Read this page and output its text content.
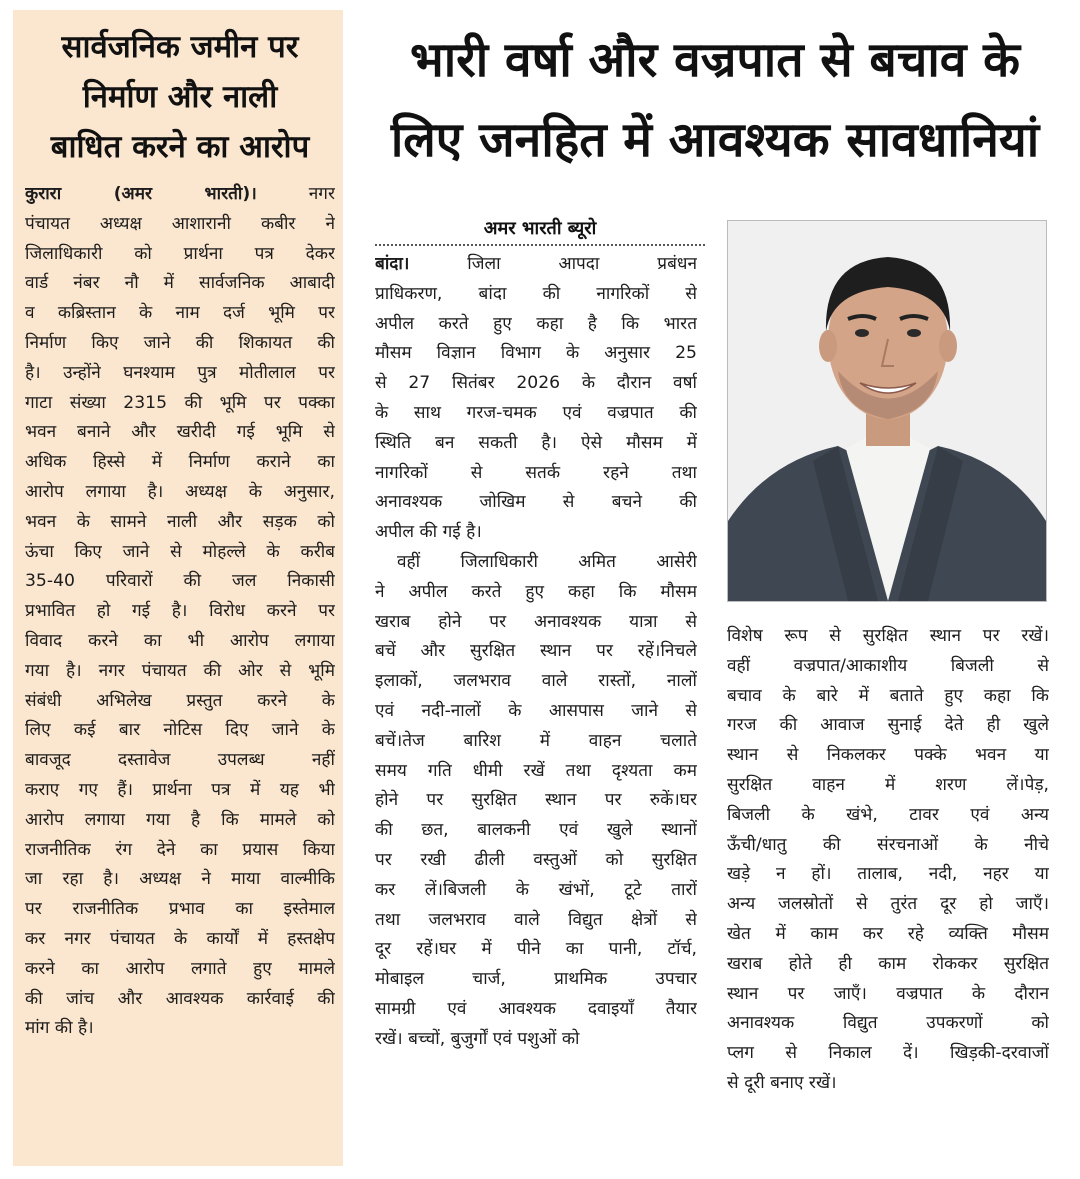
सार्वजनिक जमीन पर
निर्माण और नाली
बाधित करने का आरोप
कुरारा (अमर भारती)।	नगर
पंचायत अध्यक्ष आशारानी कबीर ने
जिलाधिकारी को प्रार्थना पत्र देकर
वार्ड नंबर नौ में सार्वजनिक आबादी
व कब्रिस्तान के नाम दर्ज भूमि पर
निर्माण किए जाने की शिकायत की
है। उन्होंने घनश्याम पुत्र मोतीलाल पर
गाटा संख्या 2315 की भूमि पर पक्का
भवन बनाने और खरीदी गई भूमि से
अधिक हिस्से में निर्माण कराने का
आरोप लगाया है। अध्यक्ष के अनुसार,
भवन के सामने नाली और सड़क को
ऊंचा किए जाने से मोहल्ले के करीब
35-40 परिवारों की जल निकासी
प्रभावित हो गई है। विरोध करने पर
विवाद करने का भी आरोप लगाया
गया है। नगर पंचायत की ओर से भूमि
संबंधी अभिलेख प्रस्तुत करने के
लिए कई बार नोटिस दिए जाने के
बावजूद दस्तावेज उपलब्ध नहीं
कराए गए हैं। प्रार्थना पत्र में यह भी
आरोप लगाया गया है कि मामले को
राजनीतिक रंग देने का प्रयास किया
जा रहा है। अध्यक्ष ने माया वाल्मीकि
पर राजनीतिक प्रभाव का इस्तेमाल
कर नगर पंचायत के कार्यों में हस्तक्षेप
करने का आरोप लगाते हुए मामले
की जांच और आवश्यक कार्रवाई की
मांग की है।
भारी वर्षा और वज्रपात से बचाव के
लिए जनहित में आवश्यक सावधानियां
अमर भारती ब्यूरो
बांदा।	जिला आपदा प्रबंधन
प्राधिकरण, बांदा की नागरिकों से
अपील करते हुए कहा है कि भारत
मौसम विज्ञान विभाग के अनुसार 25
से 27 सितंबर 2026 के दौरान वर्षा
के साथ गरज-चमक एवं वज्रपात की
स्थिति बन सकती है। ऐसे मौसम में
नागरिकों से सतर्क रहने तथा
अनावश्यक जोखिम से बचने की
अपील की गई है।
वहीं जिलाधिकारी अमित आसेरी
ने अपील करते हुए कहा कि मौसम
खराब होने पर अनावश्यक यात्रा से
बचें और सुरक्षित स्थान पर रहें।निचले
इलाकों, जलभराव वाले रास्तों, नालों
एवं नदी-नालों के आसपास जाने से
बचें।तेज बारिश में वाहन चलाते
समय गति धीमी रखें तथा दृश्यता कम
होने पर सुरक्षित स्थान पर रुकें।घर
की छत, बालकनी एवं खुले स्थानों
पर रखी ढीली वस्तुओं को सुरक्षित
कर लें।बिजली के खंभों, टूटे तारों
तथा जलभराव वाले विद्युत क्षेत्रों से
दूर रहें।घर में पीने का पानी, टॉर्च,
मोबाइल चार्ज, प्राथमिक उपचार
सामग्री एवं आवश्यक दवाइयाँ तैयार
रखें। बच्चों, बुजुर्गों एवं पशुओं को
विशेष रूप से सुरक्षित स्थान पर रखें।
वहीं वज्रपात/आकाशीय बिजली से
बचाव के बारे में बताते हुए कहा कि
गरज की आवाज सुनाई देते ही खुले
स्थान से निकलकर पक्के भवन या
सुरक्षित वाहन में शरण लें।पेड़,
बिजली के खंभे, टावर एवं अन्य
ऊँची/धातु की संरचनाओं के नीचे
खड़े न हों। तालाब, नदी, नहर या
अन्य जलस्रोतों से तुरंत दूर हो जाएँ।
खेत में काम कर रहे व्यक्ति मौसम
खराब होते ही काम रोककर सुरक्षित
स्थान पर जाएँ। वज्रपात के दौरान
अनावश्यक विद्युत उपकरणों को
प्लग से निकाल दें। खिड़की-दरवाजों
से दूरी बनाए रखें।
